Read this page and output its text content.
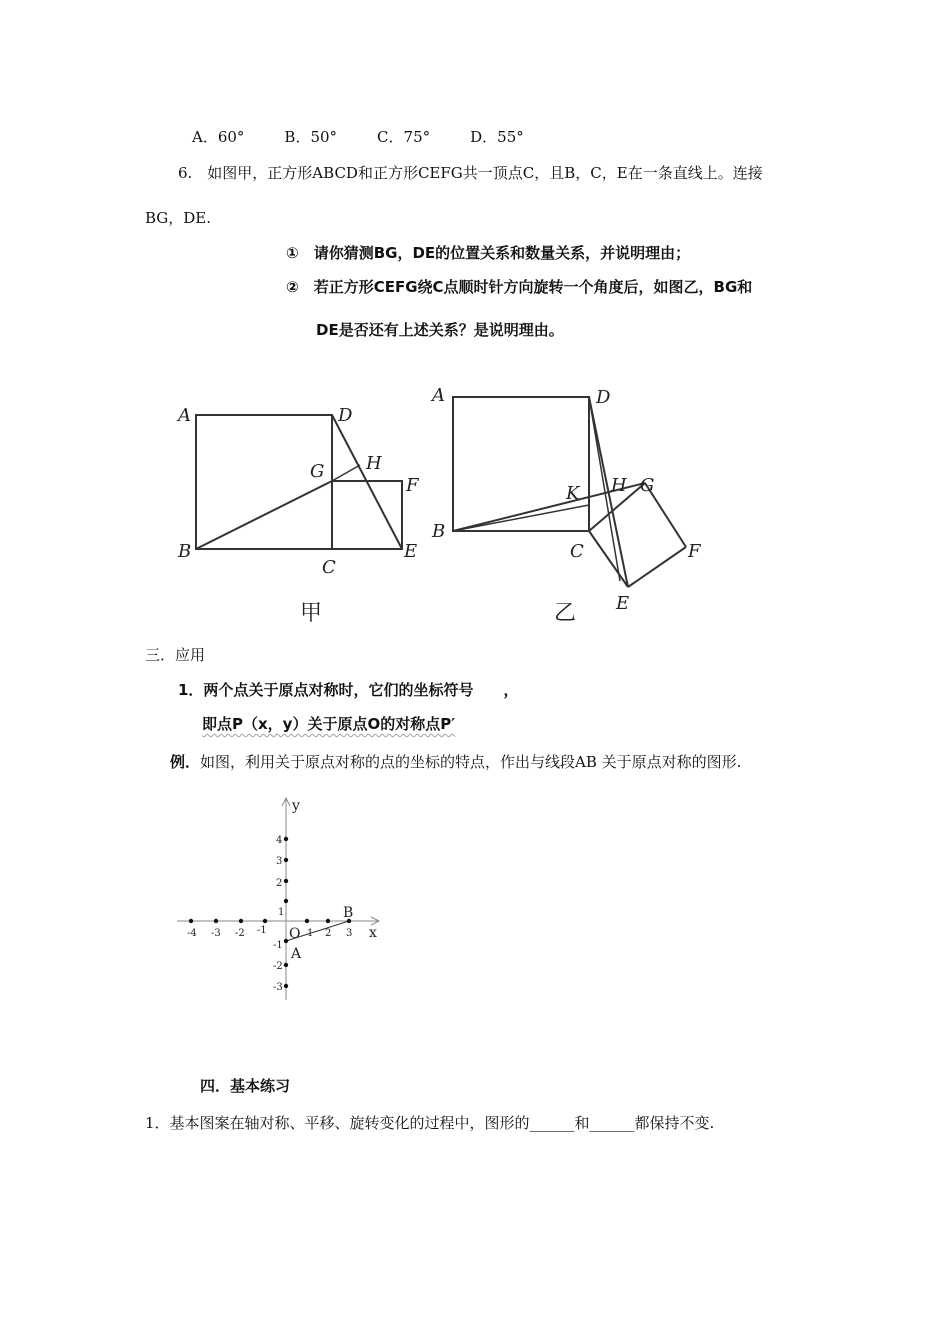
A．60°	B．50°	C．75°	D．55°
6.　如图甲，正方形ABCD和正方形CEFG共一顶点C，且B，C，E在一条直线上。连接
BG，DE.
①　请你猜测BG，DE的位置关系和数量关系，并说明理由；
②　若正方形CEFG绕C点顺时针方向旋转一个角度后，如图乙，BG和
DE是否还有上述关系？是说明理由。
A	D
G H
F
B
C
E
甲
A	D
K H G
B
C	F
E
乙
三．应用
1．两个点关于原点对称时，它们的坐标符号 ，
即点P（x，y）关于原点O的对称点P′
例．如图，利用关于原点对称的点的坐标的特点，作出与线段AB 关于原点对称的图形.
-4 -3 -2 -1	1 2 3
4
3
2
1
-1
-2
-3
O	x
y
A
B
四．基本练习
1．基本图案在轴对称、平移、旋转变化的过程中，图形的______和______都保持不变.
